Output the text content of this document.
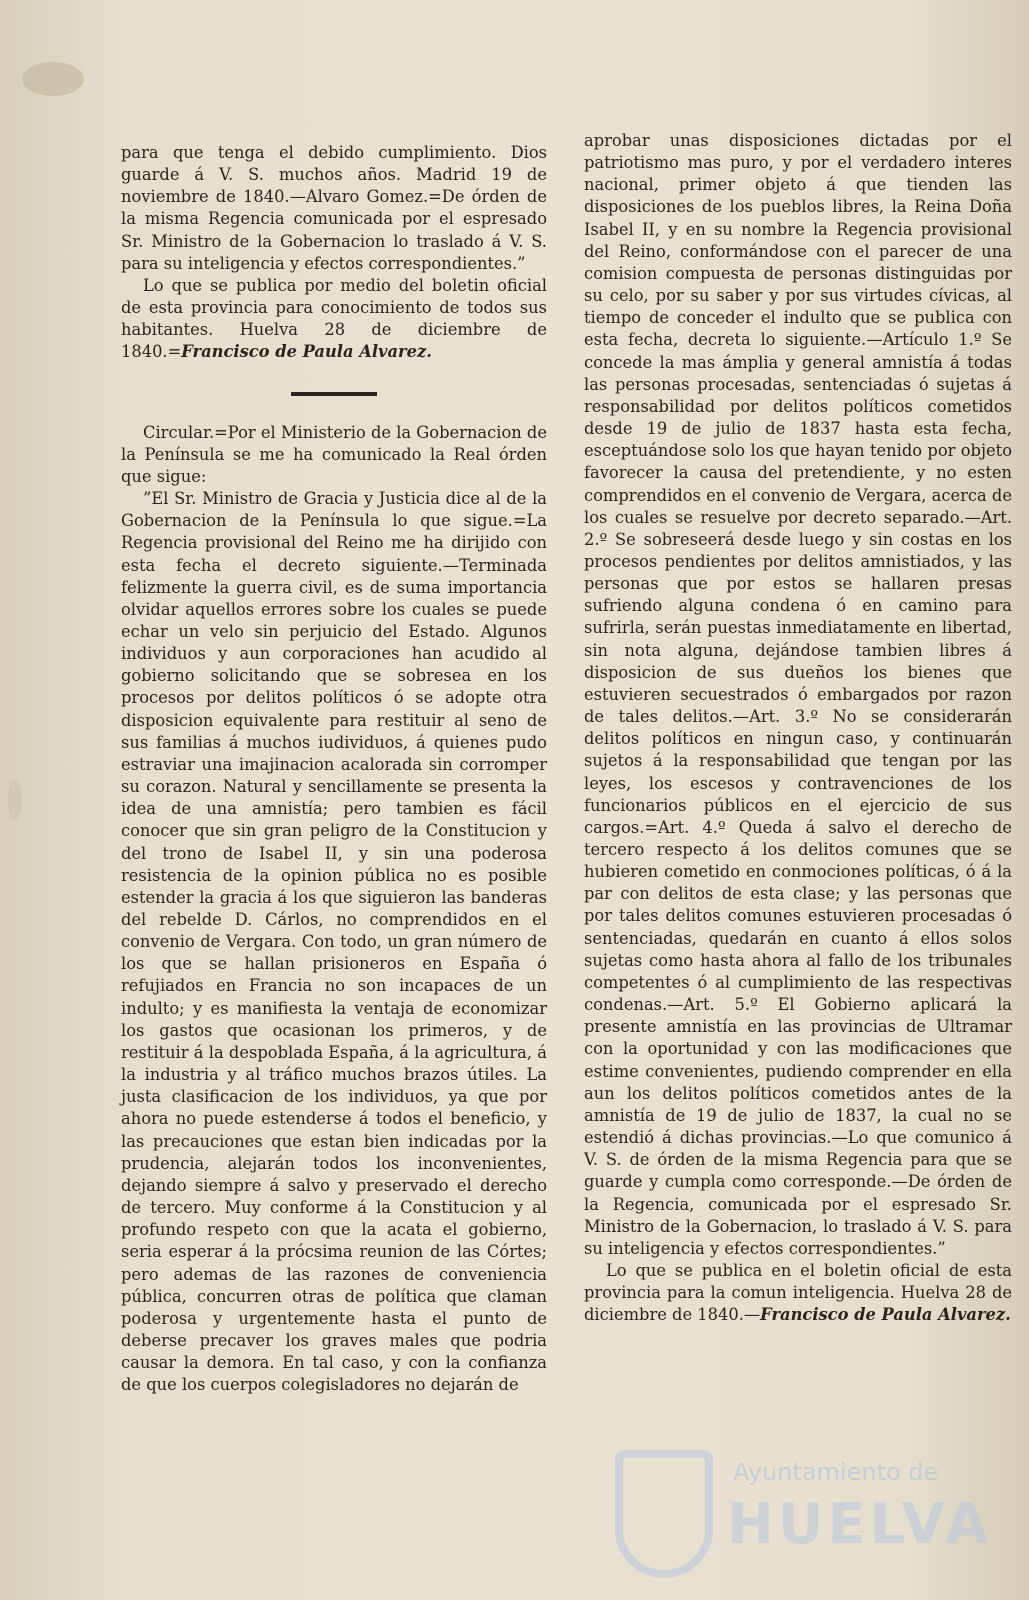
para que tenga el debido cumplimiento. Dios guarde á V. S. muchos años. Madrid 19 de noviembre de 1840.—Alvaro Gomez.=De órden de la misma Regencia comunicada por el espresado Sr. Ministro de la Gobernacion lo traslado á V. S. para su inteligencia y efectos correspondientes.”

Lo que se publica por medio del boletin oficial de esta provincia para conocimiento de todos sus habitantes. Huelva 28 de diciembre de 1840.=Francisco de Paula Alvarez.

Circular.=Por el Ministerio de la Gobernacion de la Península se me ha comunicado la Real órden que sigue:

”El Sr. Ministro de Gracia y Justicia dice al de la Gobernacion de la Península lo que sigue.=La Regencia provisional del Reino me ha dirijido con esta fecha el decreto siguiente.—Terminada felizmente la guerra civil, es de suma importancia olvidar aquellos errores sobre los cuales se puede echar un velo sin perjuicio del Estado. Algunos individuos y aun corporaciones han acudido al gobierno solicitando que se sobresea en los procesos por delitos políticos ó se adopte otra disposicion equivalente para restituir al seno de sus familias á muchos iudividuos, á quienes pudo estraviar una imajinacion acalorada sin corromper su corazon. Natural y sencillamente se presenta la idea de una amnistía; pero tambien es fácil conocer que sin gran peligro de la Constitucion y del trono de Isabel II, y sin una poderosa resistencia de la opinion pública no es posible estender la gracia á los que siguieron las banderas del rebelde D. Cárlos, no comprendidos en el convenio de Vergara. Con todo, un gran número de los que se hallan prisioneros en España ó refujiados en Francia no son incapaces de un indulto; y es manifiesta la ventaja de economizar los gastos que ocasionan los primeros, y de restituir á la despoblada España, á la agricultura, á la industria y al tráfico muchos brazos útiles. La justa clasificacion de los individuos, ya que por ahora no puede estenderse á todos el beneficio, y las precauciones que estan bien indicadas por la prudencia, alejarán todos los inconvenientes, dejando siempre á salvo y preservado el derecho de tercero. Muy conforme á la Constitucion y al profundo respeto con que la acata el gobierno, seria esperar á la prócsima reunion de las Córtes; pero ademas de las razones de conveniencia pública, concurren otras de política que claman poderosa y urgentemente hasta el punto de deberse precaver los graves males que podria causar la demora. En tal caso, y con la confianza de que los cuerpos colegisladores no dejarán de

aprobar unas disposiciones dictadas por el patriotismo mas puro, y por el verdadero interes nacional, primer objeto á que tienden las disposiciones de los pueblos libres, la Reina Doña Isabel II, y en su nombre la Regencia provisional del Reino, conformándose con el parecer de una comision compuesta de personas distinguidas por su celo, por su saber y por sus virtudes cívicas, al tiempo de conceder el indulto que se publica con esta fecha, decreta lo siguiente.—Artículo 1.º Se concede la mas ámplia y general amnistía á todas las personas procesadas, sentenciadas ó sujetas á responsabilidad por delitos políticos cometidos desde 19 de julio de 1837 hasta esta fecha, esceptuándose solo los que hayan tenido por objeto favorecer la causa del pretendiente, y no esten comprendidos en el convenio de Vergara, acerca de los cuales se resuelve por decreto separado.—Art. 2.º Se sobreseerá desde luego y sin costas en los procesos pendientes por delitos amnistiados, y las personas que por estos se hallaren presas sufriendo alguna condena ó en camino para sufrirla, serán puestas inmediatamente en libertad, sin nota alguna, dejándose tambien libres á disposicion de sus dueños los bienes que estuvieren secuestrados ó embargados por razon de tales delitos.—Art. 3.º No se considerarán delitos políticos en ningun caso, y continuarán sujetos á la responsabilidad que tengan por las leyes, los escesos y contravenciones de los funcionarios públicos en el ejercicio de sus cargos.=Art. 4.º Queda á salvo el derecho de tercero respecto á los delitos comunes que se hubieren cometido en conmociones políticas, ó á la par con delitos de esta clase; y las personas que por tales delitos comunes estuvieren procesadas ó sentenciadas, quedarán en cuanto á ellos solos sujetas como hasta ahora al fallo de los tribunales competentes ó al cumplimiento de las respectivas condenas.—Art. 5.º El Gobierno aplicará la presente amnistía en las provincias de Ultramar con la oportunidad y con las modificaciones que estime convenientes, pudiendo comprender en ella aun los delitos políticos cometidos antes de la amnistía de 19 de julio de 1837, la cual no se estendió á dichas provincias.—Lo que comunico á V. S. de órden de la misma Regencia para que se guarde y cumpla como corresponde.—De órden de la Regencia, comunicada por el espresado Sr. Ministro de la Gobernacion, lo traslado á V. S. para su inteligencia y efectos correspondientes.”

Lo que se publica en el boletin oficial de esta provincia para la comun inteligencia. Huelva 28 de diciembre de 1840.—Francisco de Paula Alvarez.

Ayuntamiento de
HUELVA
